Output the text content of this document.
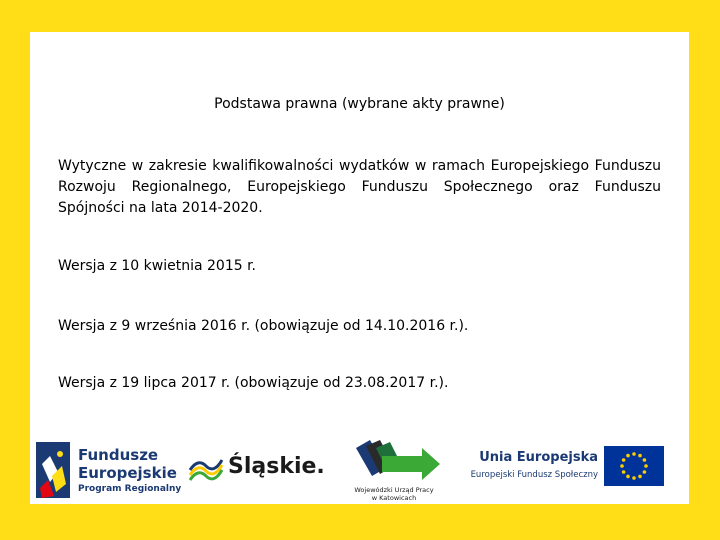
Podstawa prawna (wybrane akty prawne)
Wytyczne w zakresie kwalifikowalności wydatków w ramach Europejskiego Funduszu Rozwoju Regionalnego, Europejskiego Funduszu Społecznego oraz Funduszu Spójności na lata 2014-2020.
Wersja z 10 kwietnia 2015 r.
Wersja z 9 września 2016 r. (obowiązuje od 14.10.2016 r.).
Wersja z 19 lipca 2017 r. (obowiązuje od 23.08.2017 r.).
Fundusze
Europejskie
Program Regionalny
Śląskie.
Wojewódzki Urząd Pracy
w Katowicach
Unia Europejska
Europejski Fundusz Społeczny
